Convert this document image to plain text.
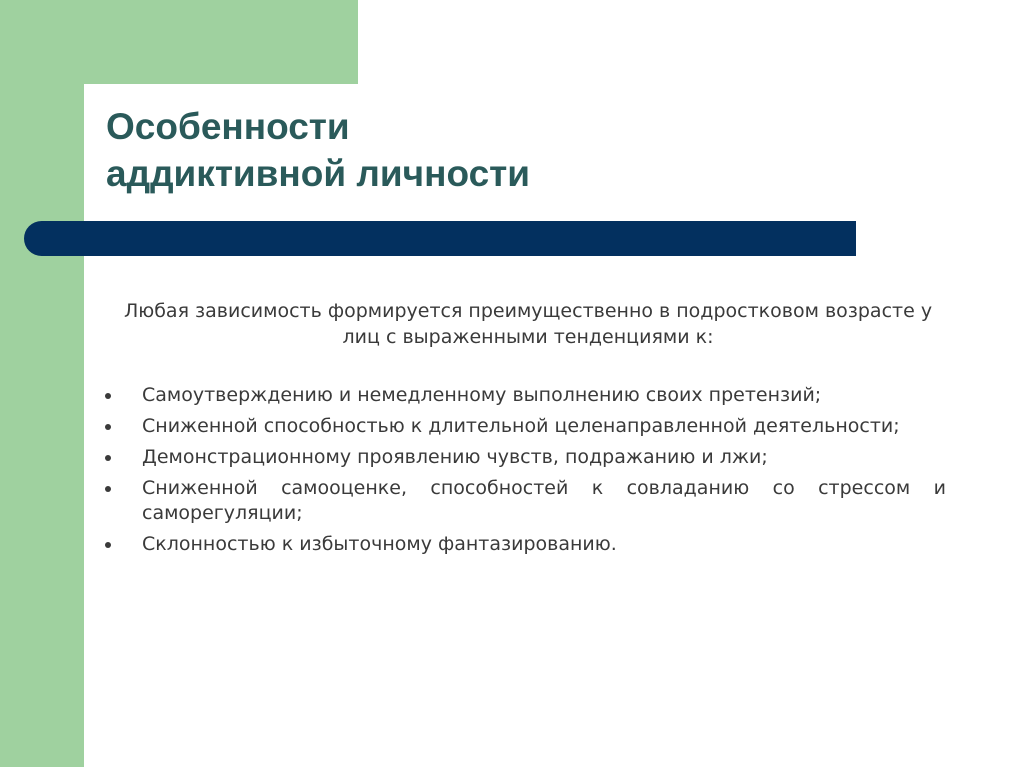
Особенности
аддиктивной личности

Любая зависимость формируется преимущественно в подростковом возрасте у лиц с выраженными тенденциями к:

Самоутверждению и немедленному выполнению своих претензий;
Сниженной способностью к длительной целенаправленной деятельности;
Демонстрационному проявлению чувств, подражанию и лжи;
Сниженной самооценке, способностей к совладанию со стрессом и саморегуляции;
Склонностью к избыточному фантазированию.
